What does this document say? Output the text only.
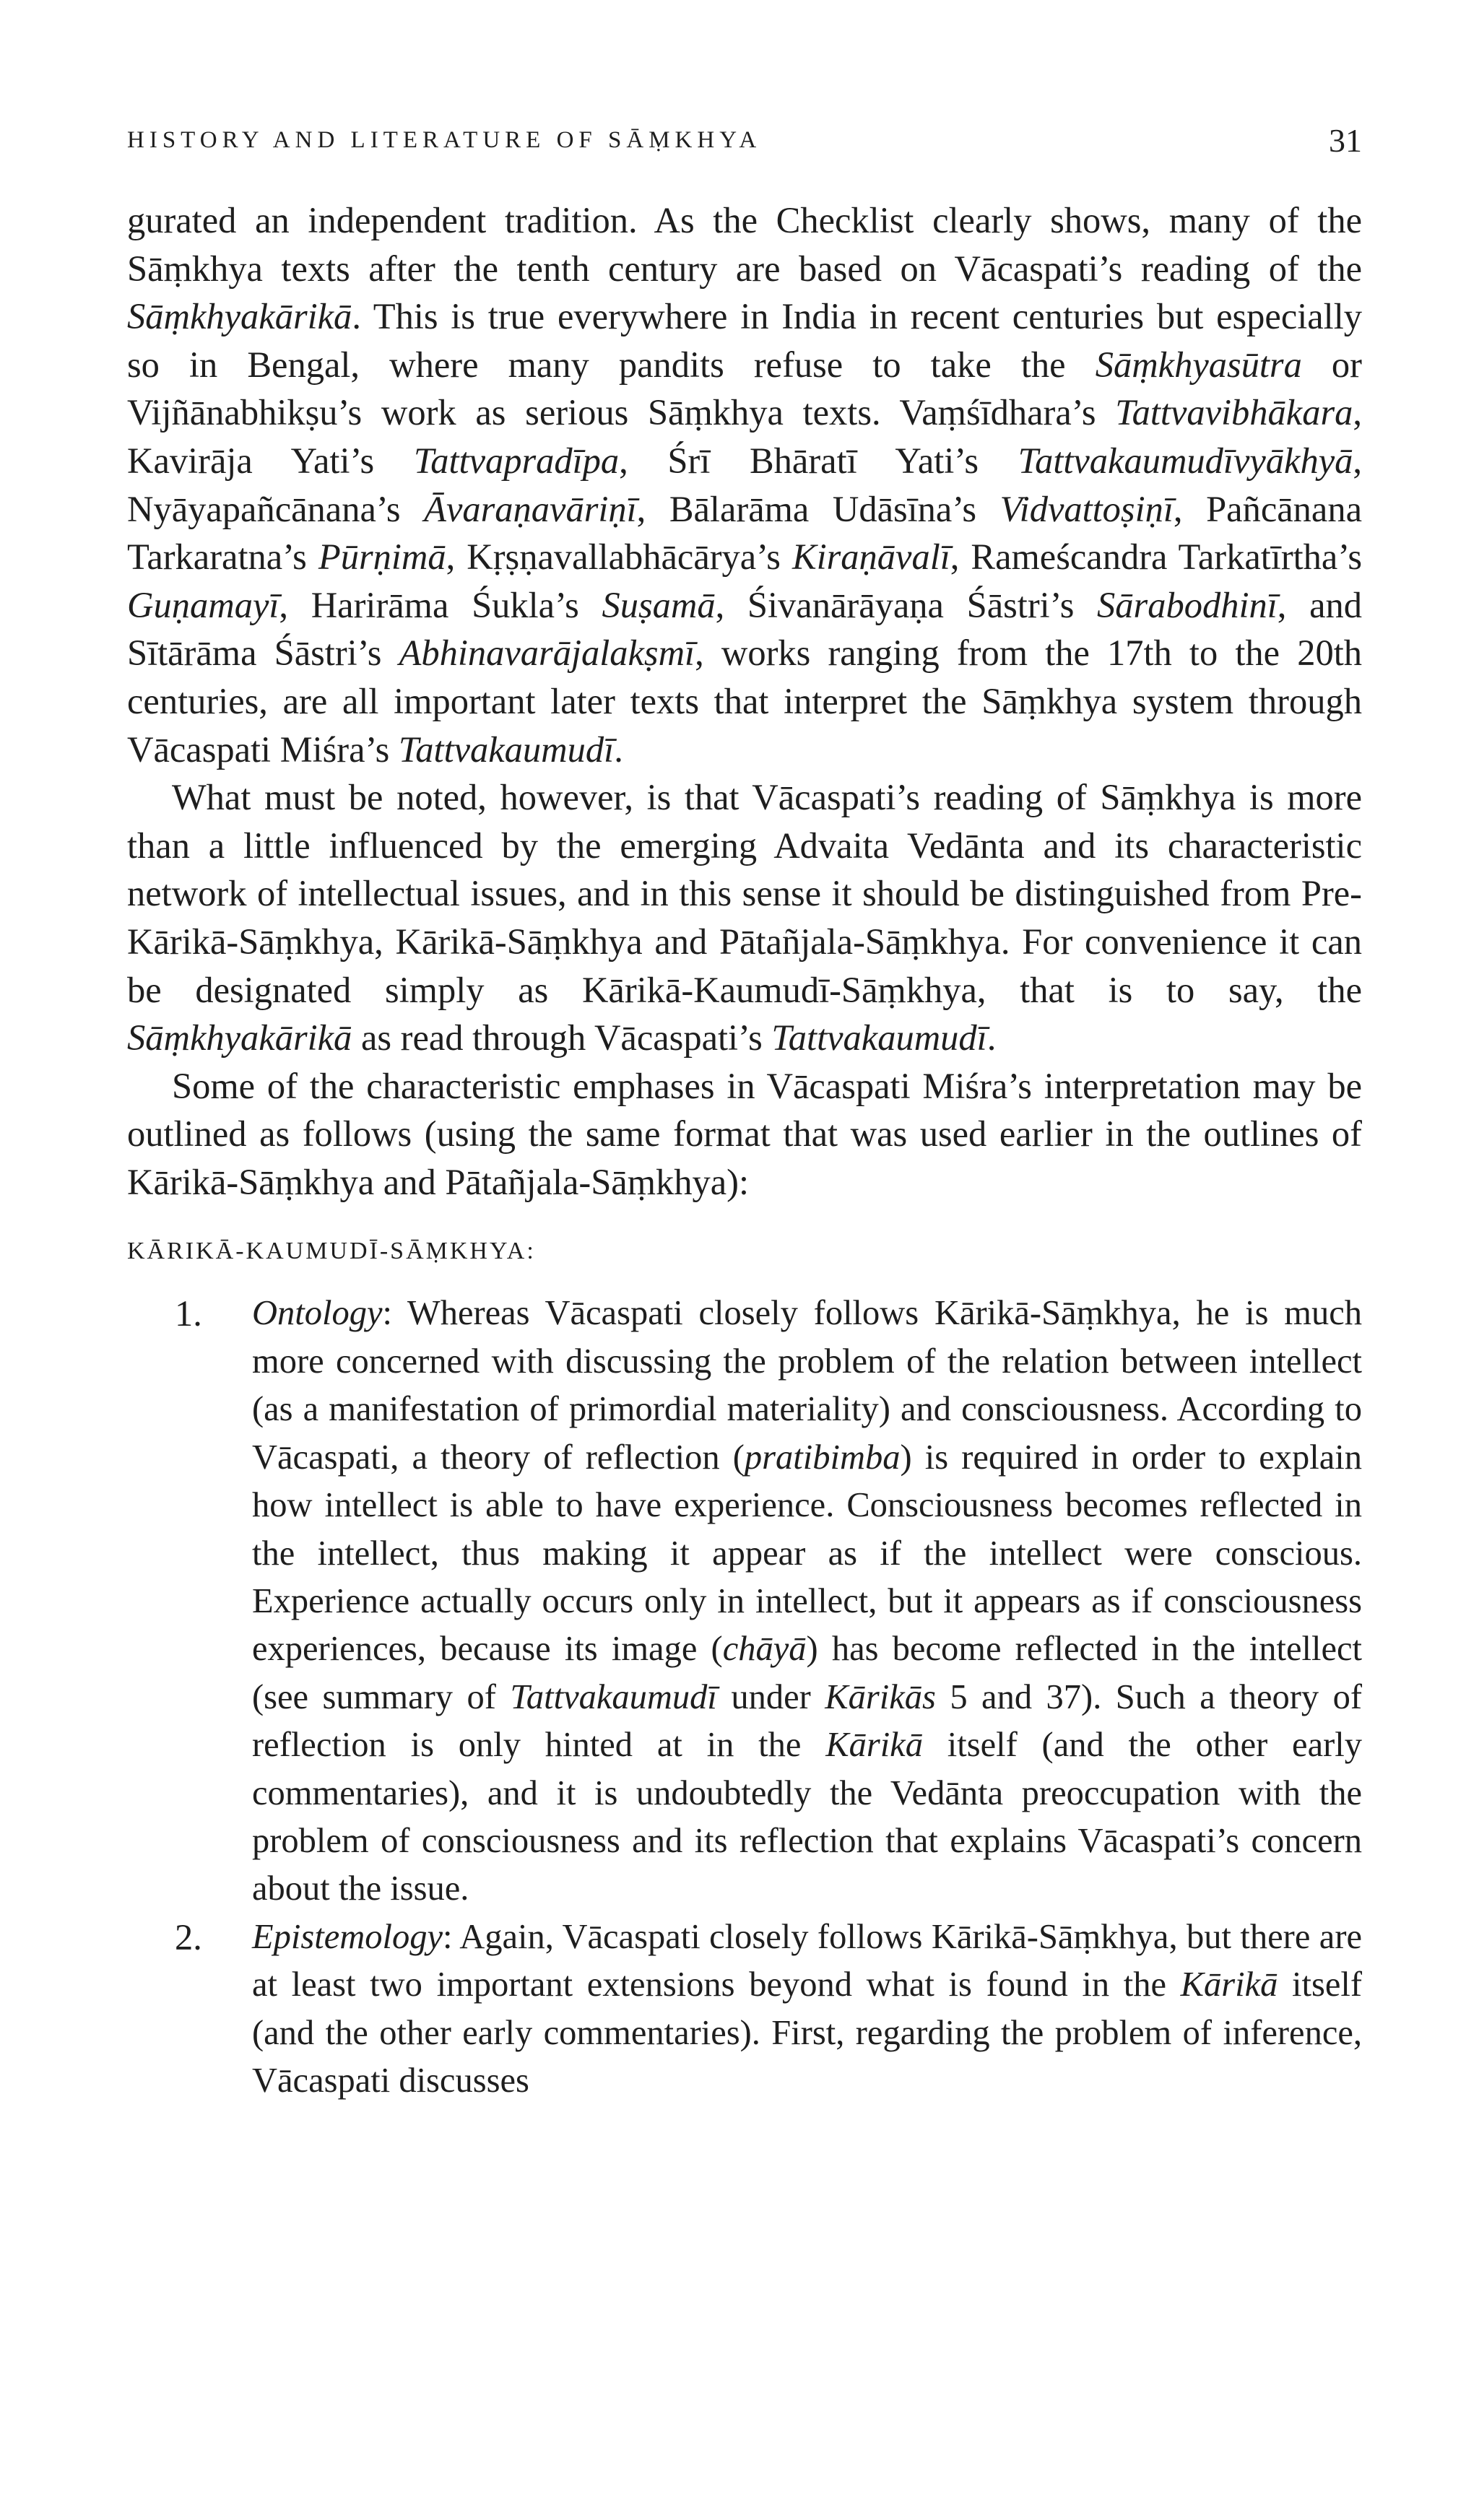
HISTORY AND LITERATURE OF SĀṂKHYA	31

gurated an independent tradition. As the Checklist clearly shows, many of the Sāṃkhya texts after the tenth century are based on Vācaspati’s reading of the Sāṃkhyakārikā. This is true everywhere in India in recent centuries but especially so in Bengal, where many pandits refuse to take the Sāṃkhyasūtra or Vijñānabhikṣu’s work as serious Sāṃkhya texts. Vaṃśīdhara’s Tattvavibhākara, Kavirāja Yati’s Tattvapradīpa, Śrī Bhāratī Yati’s Tattvakaumudīvyākhyā, Nyāyapañcānana’s Āvaraṇavāriṇī, Bālarāma Udāsīna’s Vidvattoṣiṇī, Pañcānana Tarkaratna’s Pūrṇimā, Kṛṣṇavallabhācārya’s Kiraṇāvalī, Rameścandra Tarkatīrtha’s Guṇamayī, Harirāma Śukla’s Suṣamā, Śivanārāyaṇa Śāstri’s Sārabodhinī, and Sītārāma Śāstri’s Abhinavarājalakṣmī, works ranging from the 17th to the 20th centuries, are all important later texts that interpret the Sāṃkhya system through Vācaspati Miśra’s Tattvakaumudī.

What must be noted, however, is that Vācaspati’s reading of Sāṃkhya is more than a little influenced by the emerging Advaita Vedānta and its characteristic network of intellectual issues, and in this sense it should be distinguished from Pre-Kārikā-Sāṃkhya, Kārikā-Sāṃkhya and Pātañjala-Sāṃkhya. For convenience it can be designated simply as Kārikā-Kaumudī-Sāṃkhya, that is to say, the Sāṃkhyakārikā as read through Vācaspati’s Tattvakaumudī.

Some of the characteristic emphases in Vācaspati Miśra’s interpretation may be outlined as follows (using the same format that was used earlier in the outlines of Kārikā-Sāṃkhya and Pātañjala-Sāṃkhya):

KĀRIKĀ-KAUMUDĪ-SĀṂKHYA:
1. Ontology: Whereas Vācaspati closely follows Kārikā-Sāṃkhya, he is much more concerned with discussing the problem of the relation between intellect (as a manifestation of primordial materiality) and consciousness. According to Vācaspati, a theory of reflection (pratibimba) is required in order to explain how intellect is able to have experience. Consciousness becomes reflected in the intellect, thus making it appear as if the intellect were conscious. Experience actually occurs only in intellect, but it appears as if consciousness experiences, because its image (chāyā) has become reflected in the intellect (see summary of Tattvakaumudī under Kārikās 5 and 37). Such a theory of reflection is only hinted at in the Kārikā itself (and the other early commentaries), and it is undoubtedly the Vedānta preoccupation with the problem of consciousness and its reflection that explains Vācaspati’s concern about the issue.

2. Epistemology: Again, Vācaspati closely follows Kārikā-Sāṃkhya, but there are at least two important extensions beyond what is found in the Kārikā itself (and the other early commentaries). First, regarding the problem of inference, Vācaspati discusses
